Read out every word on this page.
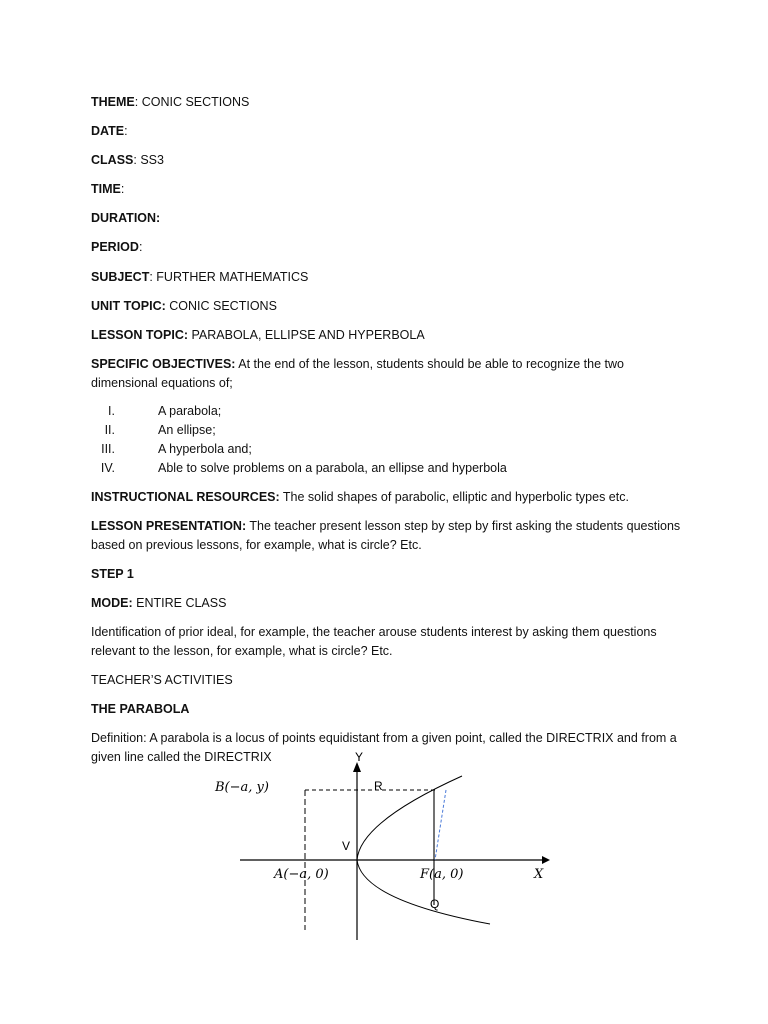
THEME: CONIC SECTIONS
DATE:
CLASS: SS3
TIME:
DURATION:
PERIOD:
SUBJECT: FURTHER MATHEMATICS
UNIT TOPIC: CONIC SECTIONS
LESSON TOPIC: PARABOLA, ELLIPSE AND HYPERBOLA
SPECIFIC OBJECTIVES: At the end of the lesson, students should be able to recognize the two dimensional equations of;
I.	A parabola;
II.	An ellipse;
III.	A hyperbola and;
IV.	Able to solve problems on a parabola, an ellipse and hyperbola
INSTRUCTIONAL RESOURCES: The solid shapes of parabolic, elliptic and hyperbolic types etc.
LESSON PRESENTATION: The teacher present lesson step by step by first asking the students questions based on previous lessons, for example, what is circle? Etc.
STEP 1
MODE: ENTIRE CLASS
Identification of prior ideal, for example, the teacher arouse students interest by asking them questions relevant to the lesson, for example, what is circle? Etc.
TEACHER’S ACTIVITIES
THE PARABOLA
Definition: A parabola is a locus of points equidistant from a given point, called the DIRECTRIX and from a given line called the DIRECTRIX
B(−a, y)
Y
R
V
A(−a, 0)	F(a, 0)	X
Q
